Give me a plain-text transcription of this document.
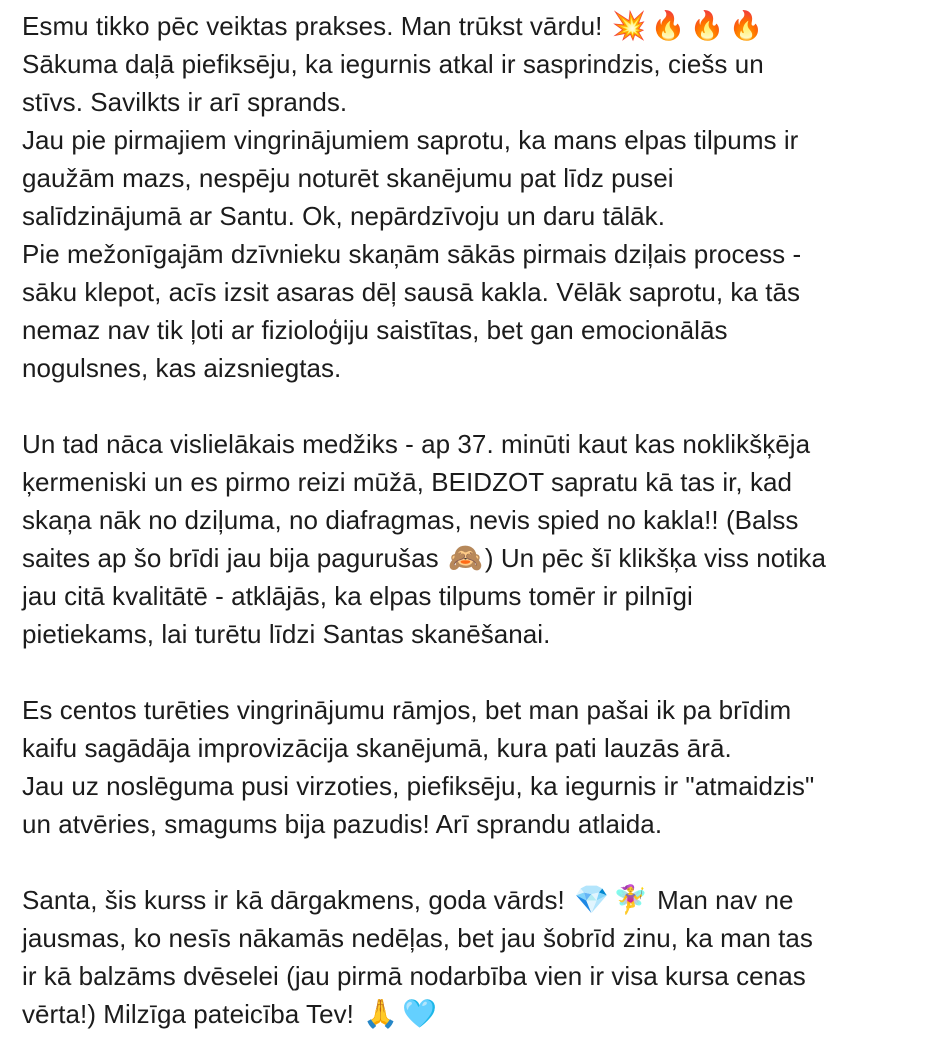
Esmu tikko pēc veiktas prakses. Man trūkst vārdu! 💥 🔥 🔥 🔥
Sākuma daļā piefiksēju, ka iegurnis atkal ir sasprindzis, ciešs un
stīvs. Savilkts ir arī sprands.
Jau pie pirmajiem vingrinājumiem saprotu, ka mans elpas tilpums ir
gaužām mazs, nespēju noturēt skanējumu pat līdz pusei
salīdzinājumā ar Santu. Ok, nepārdzīvoju un daru tālāk.
Pie mežonīgajām dzīvnieku skaņām sākās pirmais dziļais process -
sāku klepot, acīs izsit asaras dēļ sausā kakla. Vēlāk saprotu, ka tās
nemaz nav tik ļoti ar fizioloģiju saistītas, bet gan emocionālās
nogulsnes, kas aizsniegtas.
Un tad nāca vislielākais medžiks - ap 37. minūti kaut kas noklikšķēja
ķermeniski un es pirmo reizi mūžā, BEIDZOT sapratu kā tas ir, kad
skaņa nāk no dziļuma, no diafragmas, nevis spied no kakla!! (Balss
saites ap šo brīdi jau bija pagurušas 🙈) Un pēc šī klikšķa viss notika
jau citā kvalitātē - atklājās, ka elpas tilpums tomēr ir pilnīgi
pietiekams, lai turētu līdzi Santas skanēšanai.
Es centos turēties vingrinājumu rāmjos, bet man pašai ik pa brīdim
kaifu sagādāja improvizācija skanējumā, kura pati lauzās ārā.
Jau uz noslēguma pusi virzoties, piefiksēju, ka iegurnis ir "atmaidzis"
un atvēries, smagums bija pazudis! Arī sprandu atlaida.
Santa, šis kurss ir kā dārgakmens, goda vārds! 💎 🧚‍♀️ Man nav ne
jausmas, ko nesīs nākamās nedēļas, bet jau šobrīd zinu, ka man tas
ir kā balzāms dvēselei (jau pirmā nodarbība vien ir visa kursa cenas
vērta!) Milzīga pateicība Tev! 🙏 🩵
